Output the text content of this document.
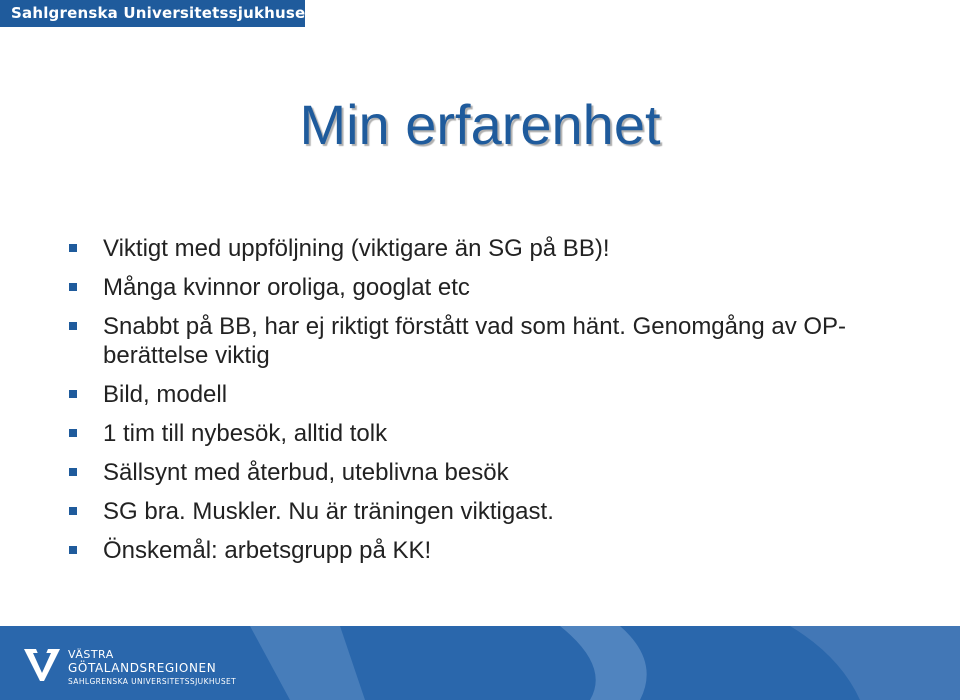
Sahlgrenska Universitetssjukhuset
Min erfarenhet
Viktigt med uppföljning (viktigare än SG på BB)!
Många kvinnor oroliga, googlat etc
Snabbt på BB, har ej riktigt förstått vad som hänt. Genomgång av OP-berättelse viktig
Bild, modell
1 tim till nybesök, alltid tolk
Sällsynt med återbud, uteblivna besök
SG bra. Muskler. Nu är träningen viktigast.
Önskemål: arbetsgrupp på KK!
VÄSTRA
GÖTALANDSREGIONEN
SAHLGRENSKA UNIVERSITETSSJUKHUSET
